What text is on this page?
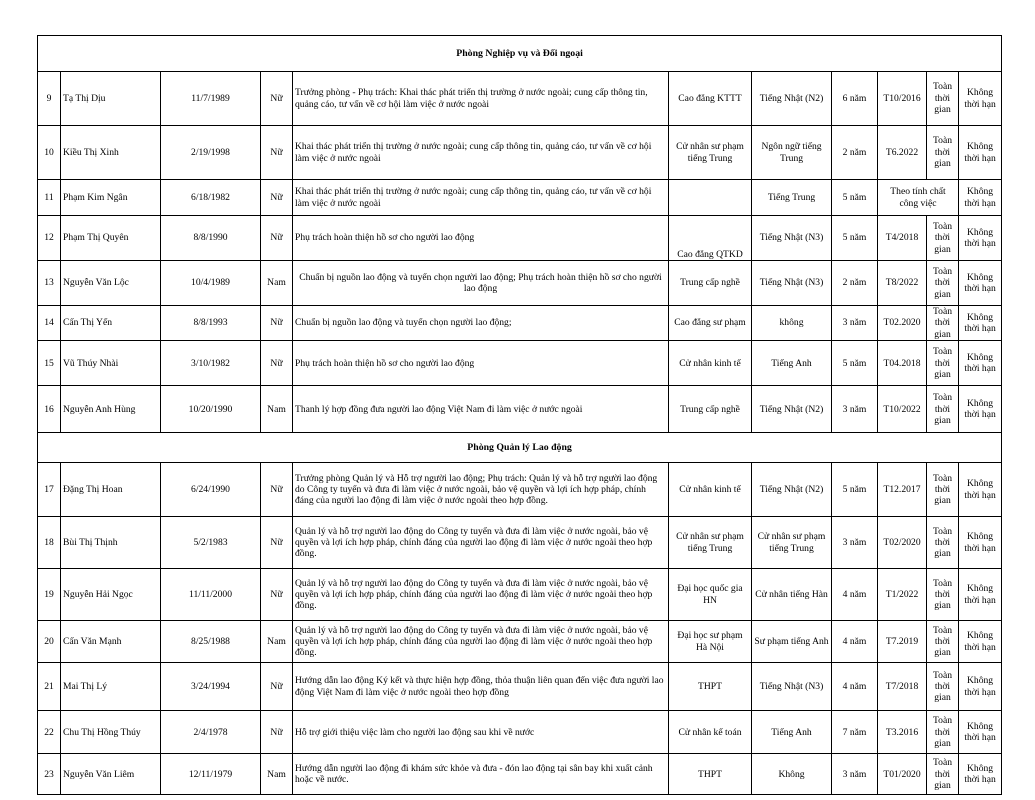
Phòng Nghiệp vụ và Đối ngoại										
9	Tạ Thị Dịu	11/7/1989	Nữ	Trưởng phòng - Phụ trách: Khai thác phát triển thị trường ở nước ngoài; cung cấp thông tin, quảng cáo, tư vấn về cơ hội làm việc ở nước ngoài	Cao đẳng KTTT	Tiếng Nhật (N2)	6 năm	T10/2016	Toàn thời gian	Không thời hạn
10	Kiều Thị Xinh	2/19/1998	Nữ	Khai thác phát triển thị trường ở nước ngoài; cung cấp thông tin, quảng cáo, tư vấn về cơ hội làm việc ở nước ngoài	Cử nhân sư phạm tiếng Trung	Ngôn ngữ tiếng Trung	2 năm	T6.2022	Toàn thời gian	Không thời hạn
11	Phạm Kim Ngân	6/18/1982	Nữ	Khai thác phát triển thị trường ở nước ngoài; cung cấp thông tin, quảng cáo, tư vấn về cơ hội làm việc ở nước ngoài		Tiếng Trung	5 năm	Theo tính chất công việc		Không thời hạn
12	Phạm Thị Quyên	8/8/1990	Nữ	Phụ trách hoàn thiện hồ sơ cho người lao động	Cao đẳng QTKD	Tiếng Nhật (N3)	5 năm	T4/2018	Toàn thời gian	Không thời hạn
13	Nguyễn Văn Lộc	10/4/1989	Nam	Chuẩn bị nguồn lao động và tuyển chọn người lao động; Phụ trách hoàn thiện hồ sơ cho người lao động	Trung cấp nghề	Tiếng Nhật (N3)	2 năm	T8/2022	Toàn thời gian	Không thời hạn
14	Cấn Thị Yến	8/8/1993	Nữ	Chuẩn bị nguồn lao động và tuyển chọn người lao động;	Cao đẳng sư phạm	không	3 năm	T02.2020	Toàn thời gian	Không thời hạn
15	Vũ Thúy Nhài	3/10/1982	Nữ	Phụ trách hoàn thiện hồ sơ cho người lao động	Cử nhân kinh tế	Tiếng Anh	5 năm	T04.2018	Toàn thời gian	Không thời hạn
16	Nguyễn Anh Hùng	10/20/1990	Nam	Thanh lý hợp đồng đưa người lao động Việt Nam đi làm việc ở nước ngoài	Trung cấp nghề	Tiếng Nhật (N2)	3 năm	T10/2022	Toàn thời gian	Không thời hạn
Phòng Quản lý Lao động										
17	Đặng Thị Hoan	6/24/1990	Nữ	Trưởng phòng Quản lý và Hỗ trợ người lao động; Phụ trách: Quản lý và hỗ trợ người lao động do Công ty tuyển và đưa đi làm việc ở nước ngoài, bảo vệ quyền và lợi ích hợp pháp, chính đáng của người lao động đi làm việc ở nước ngoài theo hợp đồng.	Cử nhân kinh tế	Tiếng Nhật (N2)	5 năm	T12.2017	Toàn thời gian	Không thời hạn
18	Bùi Thị Thịnh	5/2/1983	Nữ	Quản lý và hỗ trợ người lao động do Công ty tuyển và đưa đi làm việc ở nước ngoài, bảo vệ quyền và lợi ích hợp pháp, chính đáng của người lao động đi làm việc ở nước ngoài theo hợp đồng.	Cử nhân sư phạm tiếng Trung	Cử nhân sư phạm tiếng Trung	3 năm	T02/2020	Toàn thời gian	Không thời hạn
19	Nguyễn Hải Ngọc	11/11/2000	Nữ	Quản lý và hỗ trợ người lao động do Công ty tuyển và đưa đi làm việc ở nước ngoài, bảo vệ quyền và lợi ích hợp pháp, chính đáng của người lao động đi làm việc ở nước ngoài theo hợp đồng.	Đại học quốc gia HN	Cử nhân tiếng Hàn	4 năm	T1/2022	Toàn thời gian	Không thời hạn
20	Cấn Văn Mạnh	8/25/1988	Nam	Quản lý và hỗ trợ người lao động do Công ty tuyển và đưa đi làm việc ở nước ngoài, bảo vệ quyền và lợi ích hợp pháp, chính đáng của người lao động đi làm việc ở nước ngoài theo hợp đồng.	Đại học sư phạm Hà Nội	Sư phạm tiếng Anh	4 năm	T7.2019	Toàn thời gian	Không thời hạn
21	Mai Thị Lý	3/24/1994	Nữ	Hướng dẫn lao động Ký kết và thực hiện hợp đồng, thỏa thuận liên quan đến việc đưa người lao động Việt Nam đi làm việc ở nước ngoài theo hợp đồng	THPT	Tiếng Nhật (N3)	4 năm	T7/2018	Toàn thời gian	Không thời hạn
22	Chu Thị Hồng Thúy	2/4/1978	Nữ	Hỗ trợ giới thiệu việc làm cho người lao động sau khi về nước	Cử nhân kế toán	Tiếng Anh	7 năm	T3.2016	Toàn thời gian	Không thời hạn
23	Nguyễn Văn Liêm	12/11/1979	Nam	Hướng dẫn người lao động đi khám sức khỏe và đưa - đón lao động tại sân bay khi xuất cảnh hoặc về nước.	THPT	Không	3 năm	T01/2020	Toàn thời gian	Không thời hạn
